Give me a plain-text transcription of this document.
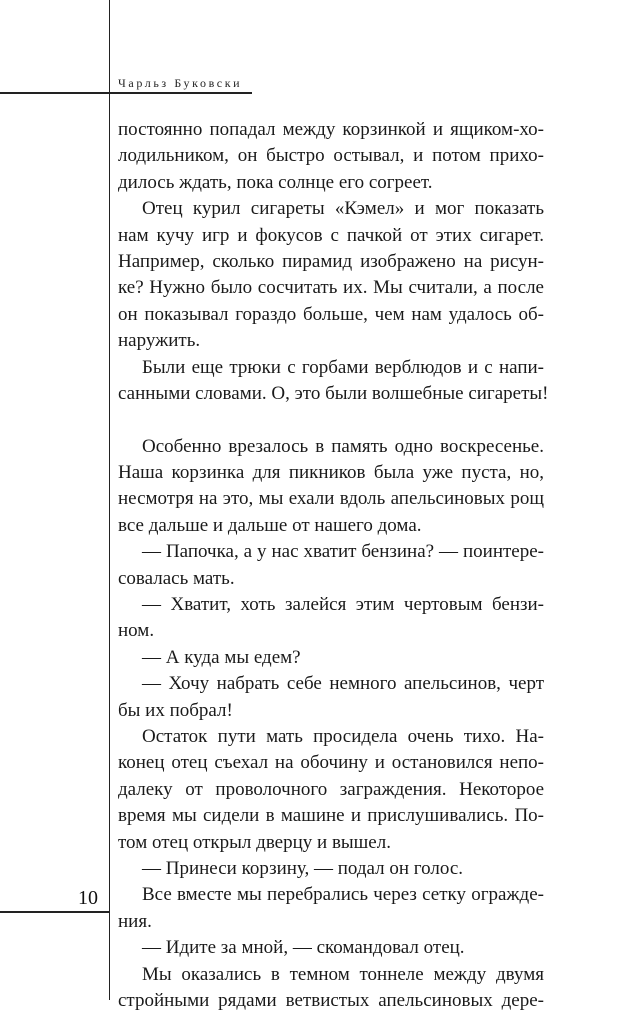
Чарльз Буковски
постоянно попадал между корзинкой и ящиком-хо-
лодильником, он быстро остывал, и потом прихо-
дилось ждать, пока солнце его согреет.
Отец курил сигареты «Кэмел» и мог показать
нам кучу игр и фокусов с пачкой от этих сигарет.
Например, сколько пирамид изображено на рисун-
ке? Нужно было сосчитать их. Мы считали, а после
он показывал гораздо больше, чем нам удалось об-
наружить.
Были еще трюки с горбами верблюдов и с напи-
санными словами. О, это были волшебные сигареты!
Особенно врезалось в память одно воскресенье.
Наша корзинка для пикников была уже пуста, но,
несмотря на это, мы ехали вдоль апельсиновых рощ
все дальше и дальше от нашего дома.
— Папочка, а у нас хватит бензина? — поинтере-
совалась мать.
— Хватит, хоть залейся этим чертовым бензи-
ном.
— А куда мы едем?
— Хочу набрать себе немного апельсинов, черт
бы их побрал!
Остаток пути мать просидела очень тихо. На-
конец отец съехал на обочину и остановился непо-
далеку от проволочного заграждения. Некоторое
время мы сидели в машине и прислушивались. По-
том отец открыл дверцу и вышел.
— Принеси корзину, — подал он голос.
Все вместе мы перебрались через сетку огражде-
ния.
— Идите за мной, — скомандовал отец.
Мы оказались в темном тоннеле между двумя
стройными рядами ветвистых апельсиновых дере-
10
